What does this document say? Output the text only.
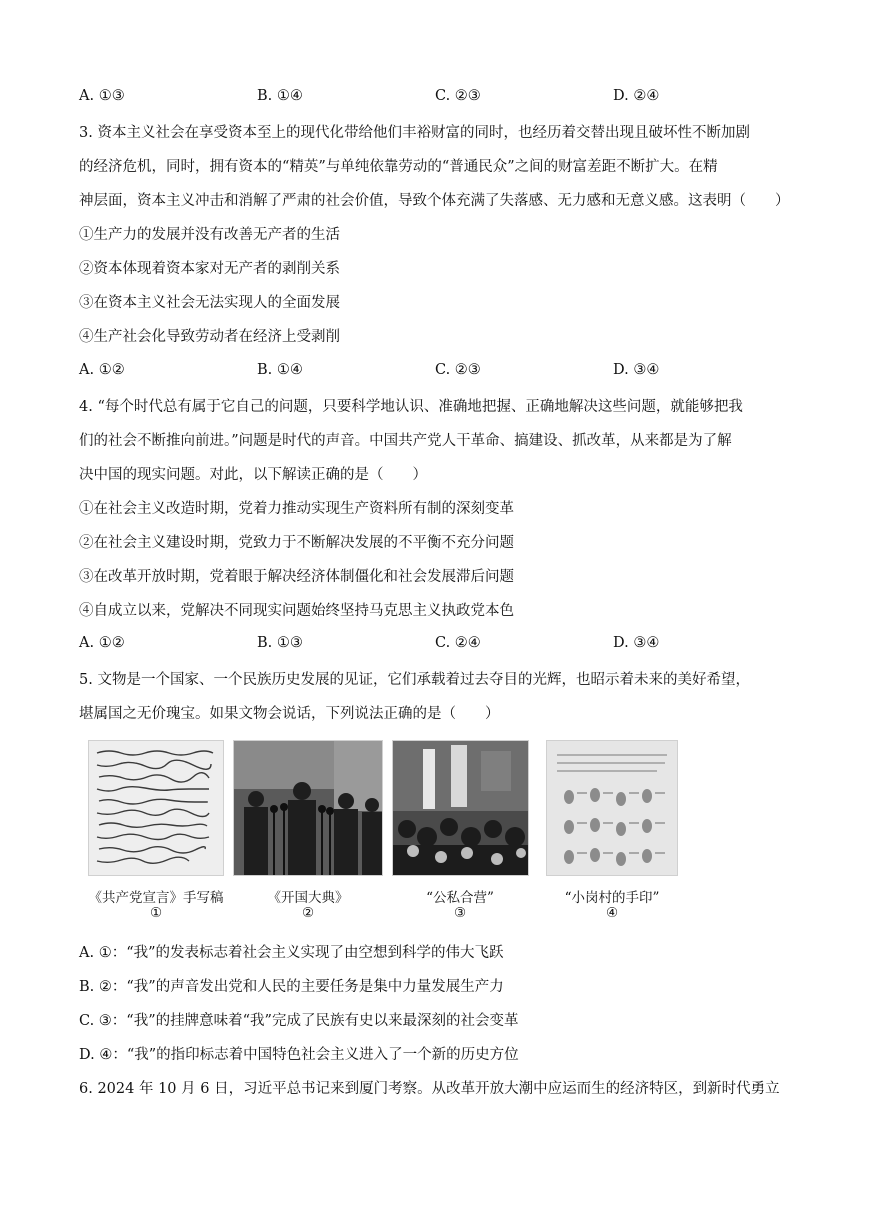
A. ①③	B. ①④	C. ②③	D. ②④
3. 资本主义社会在享受资本至上的现代化带给他们丰裕财富的同时，也经历着交替出现且破坏性不断加剧
的经济危机，同时，拥有资本的“精英”与单纯依靠劳动的“普通民众”之间的财富差距不断扩大。在精
神层面，资本主义冲击和消解了严肃的社会价值，导致个体充满了失落感、无力感和无意义感。这表明（　　）
①生产力的发展并没有改善无产者的生活
②资本体现着资本家对无产者的剥削关系
③在资本主义社会无法实现人的全面发展
④生产社会化导致劳动者在经济上受剥削
A. ①②	B. ①④	C. ②③	D. ③④
4. “每个时代总有属于它自己的问题，只要科学地认识、准确地把握、正确地解决这些问题，就能够把我
们的社会不断推向前进。”问题是时代的声音。中国共产党人干革命、搞建设、抓改革，从来都是为了解
决中国的现实问题。对此，以下解读正确的是（　　）
①在社会主义改造时期，党着力推动实现生产资料所有制的深刻变革
②在社会主义建设时期，党致力于不断解决发展的不平衡不充分问题
③在改革开放时期，党着眼于解决经济体制僵化和社会发展滞后问题
④自成立以来，党解决不同现实问题始终坚持马克思主义执政党本色
A. ①②	B. ①③	C. ②④	D. ③④
5. 文物是一个国家、一个民族历史发展的见证，它们承载着过去夺目的光辉，也昭示着未来的美好希望，
堪属国之无价瑰宝。如果文物会说话，下列说法正确的是（　　）
《共产党宣言》手写稿
①
《开国大典》
②
“公私合营”
③
“小岗村的手印”
④
A. ①：“我”的发表标志着社会主义实现了由空想到科学的伟大飞跃
B. ②：“我”的声音发出党和人民的主要任务是集中力量发展生产力
C. ③：“我”的挂牌意味着“我”完成了民族有史以来最深刻的社会变革
D. ④：“我”的指印标志着中国特色社会主义进入了一个新的历史方位
6. 2024 年 10 月 6 日，习近平总书记来到厦门考察。从改革开放大潮中应运而生的经济特区，到新时代勇立
